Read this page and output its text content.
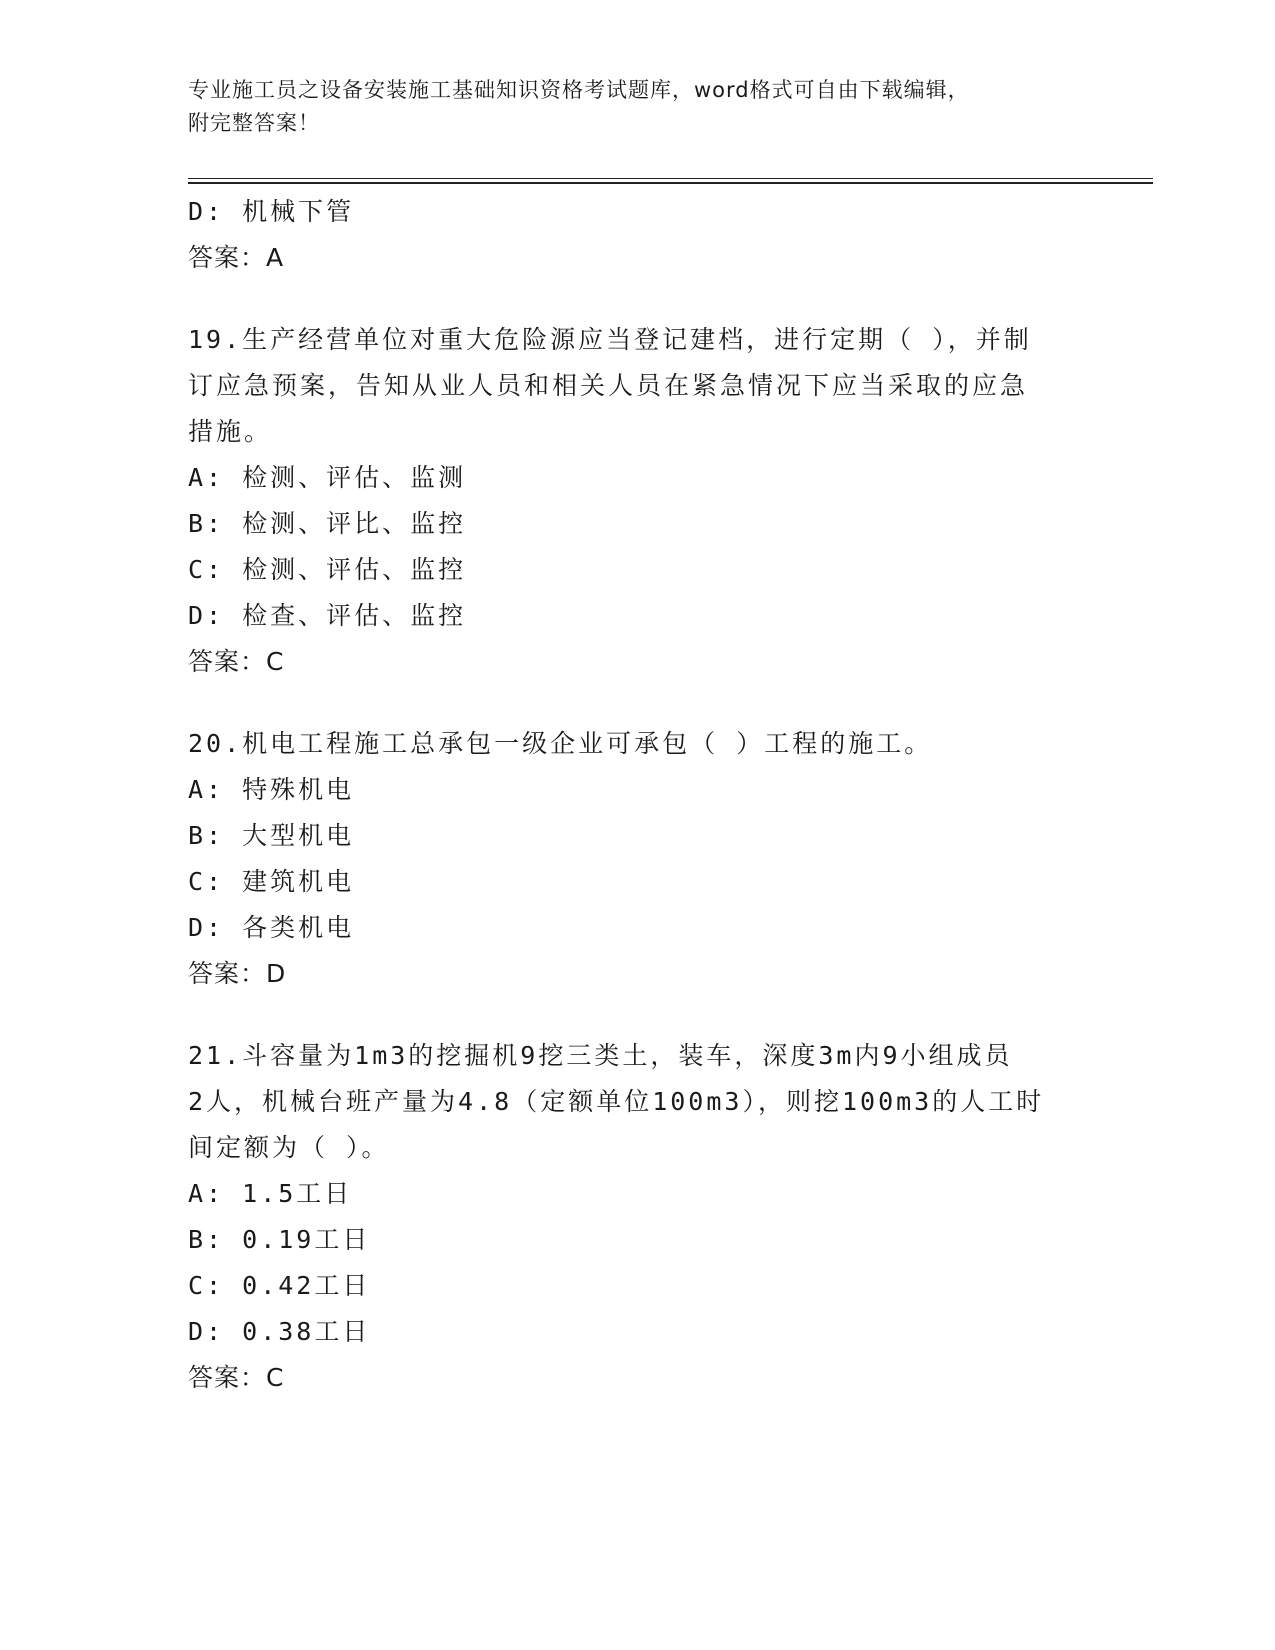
专业施工员之设备安装施工基础知识资格考试题库，word格式可自由下载编辑，
附完整答案！
D: 机械下管
答案：A
19.生产经营单位对重大危险源应当登记建档，进行定期（ ），并制
订应急预案，告知从业人员和相关人员在紧急情况下应当采取的应急
措施。
A: 检测、评估、监测
B: 检测、评比、监控
C: 检测、评估、监控
D: 检查、评估、监控
答案：C
20.机电工程施工总承包一级企业可承包（ ）工程的施工。
A: 特殊机电
B: 大型机电
C: 建筑机电
D: 各类机电
答案：D
21.斗容量为1m3的挖掘机9挖三类土，装车，深度3m内9小组成员
2人，机械台班产量为4.8（定额单位100m3），则挖100m3的人工时
间定额为（ ）。
A: 1.5工日
B: 0.19工日
C: 0.42工日
D: 0.38工日
答案：C
